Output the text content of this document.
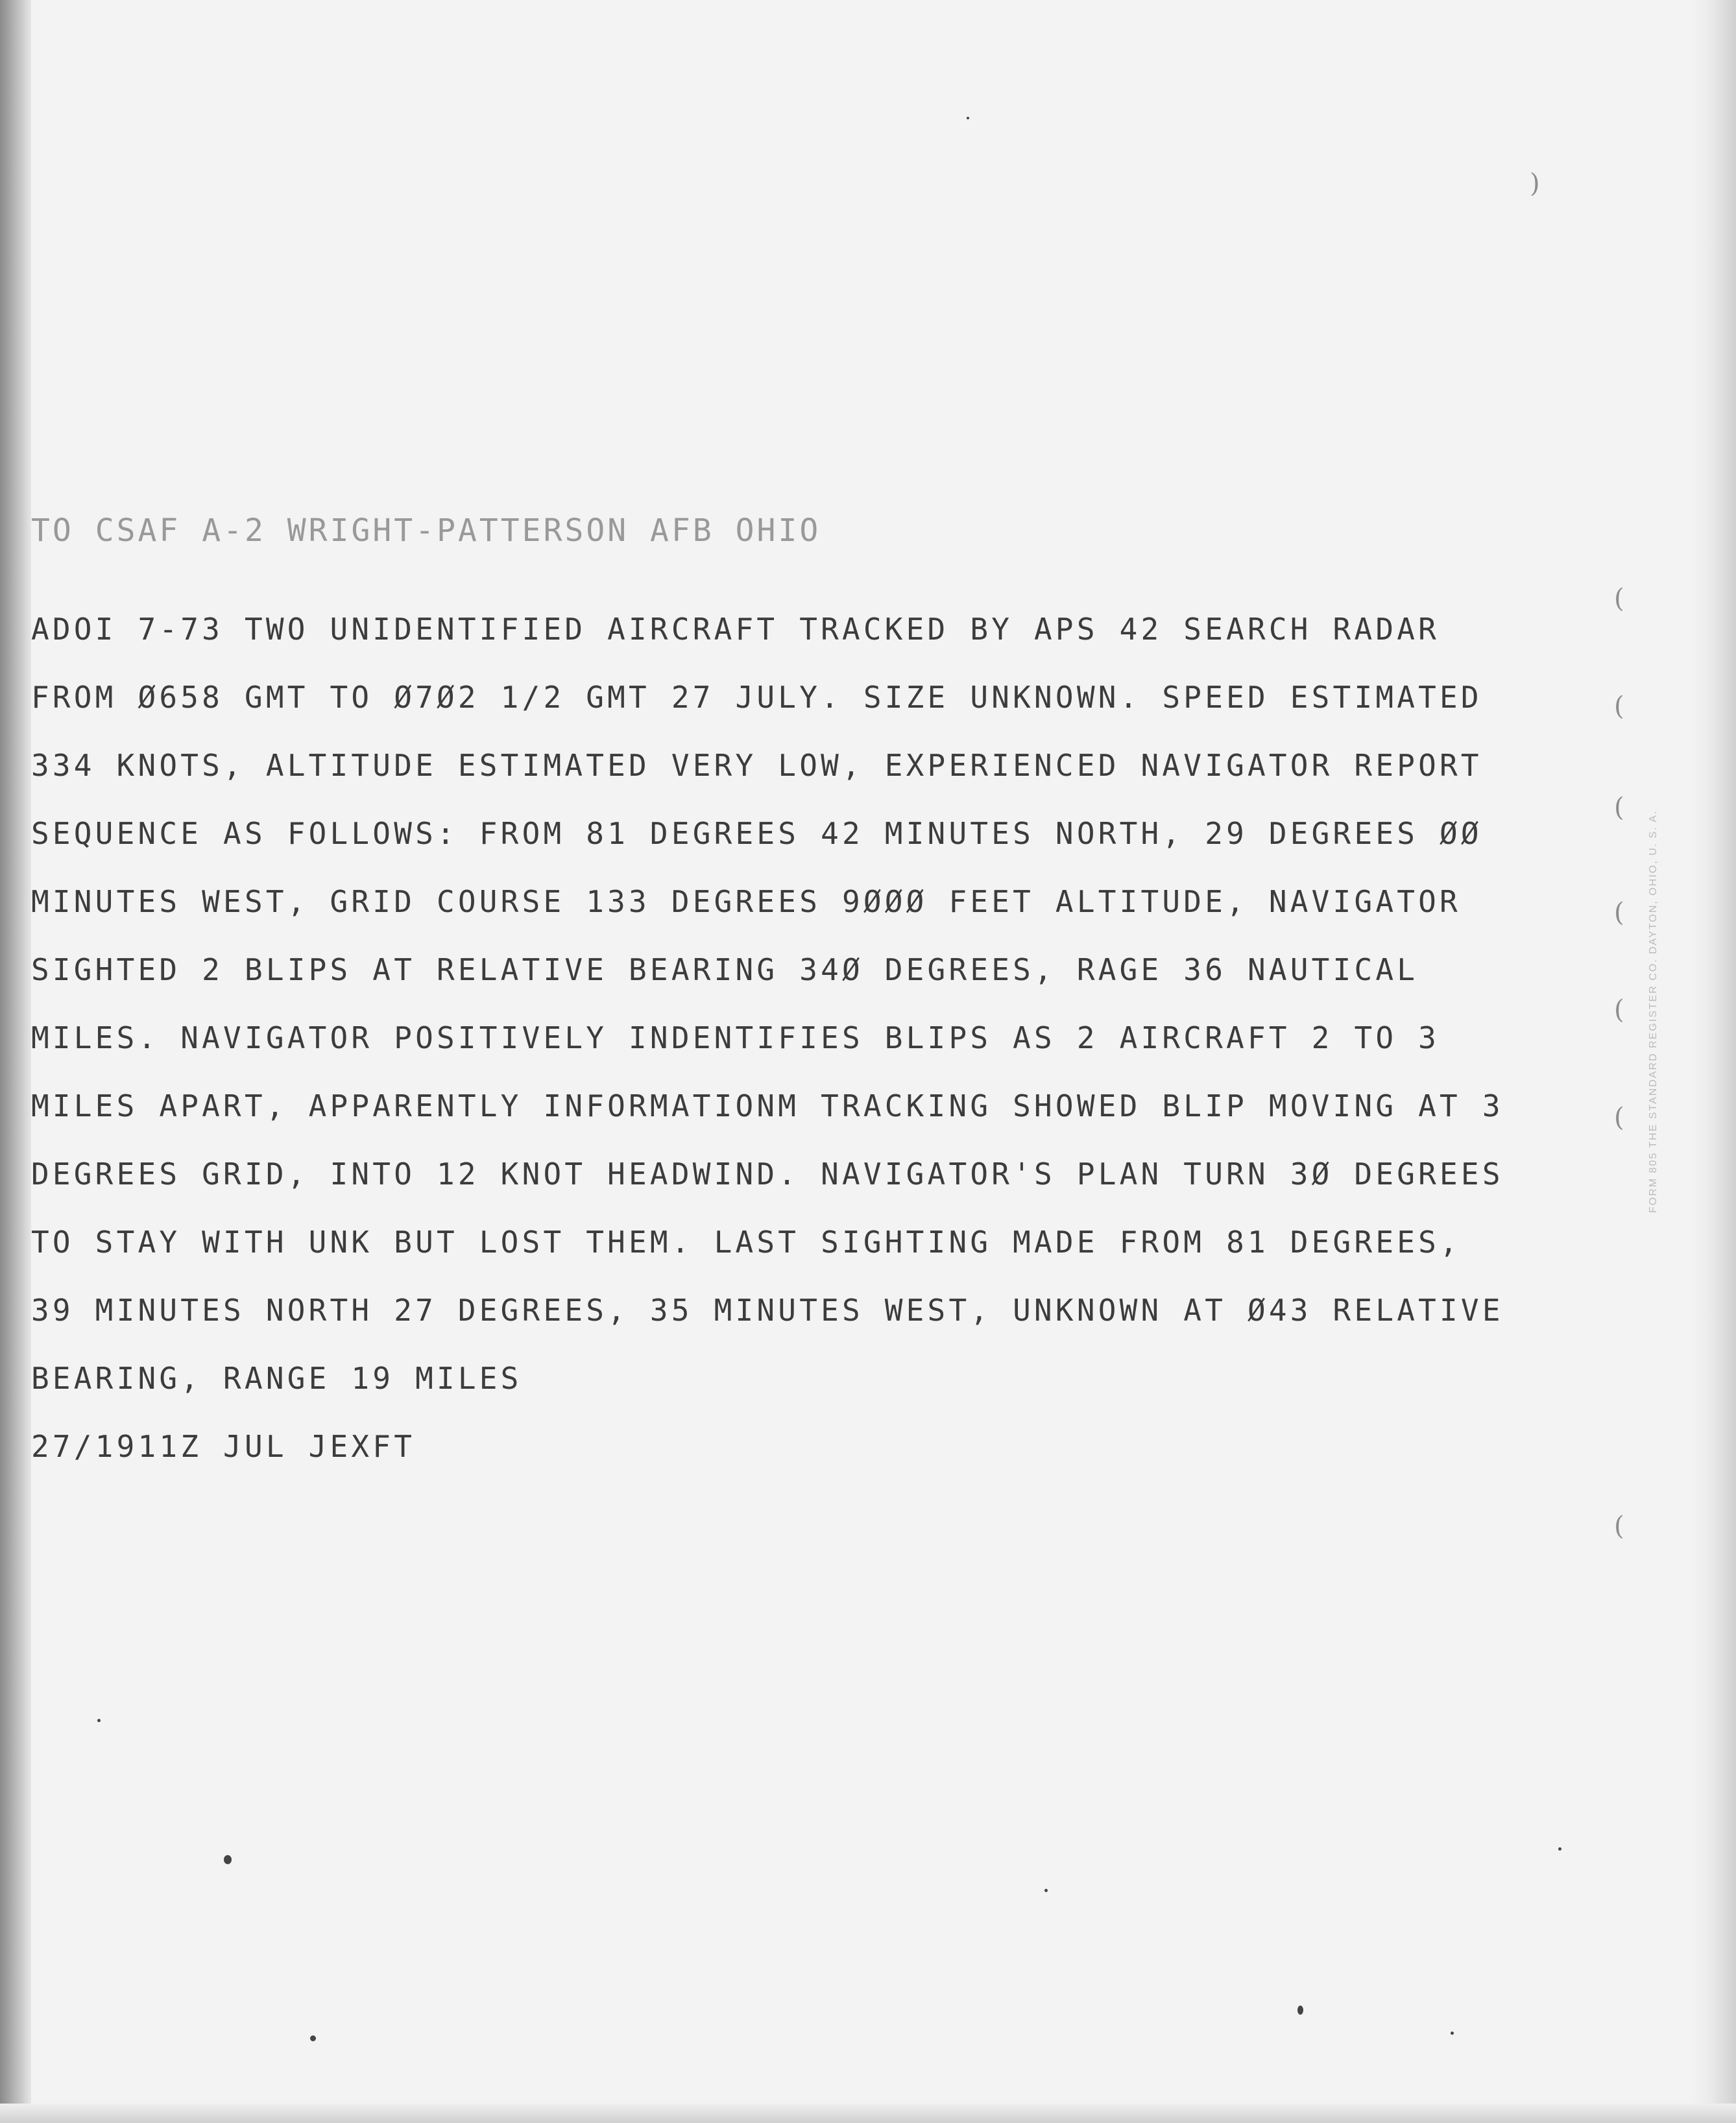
TO CSAF A-2 WRIGHT-PATTERSON AFB OHIO
ADOI 7-73 TWO UNIDENTIFIED AIRCRAFT TRACKED BY APS 42 SEARCH RADAR
FROM Ø658 GMT TO Ø7Ø2 1/2 GMT 27 JULY. SIZE UNKNOWN. SPEED ESTIMATED
334 KNOTS, ALTITUDE ESTIMATED VERY LOW, EXPERIENCED NAVIGATOR REPORT
SEQUENCE AS FOLLOWS: FROM 81 DEGREES 42 MINUTES NORTH, 29 DEGREES ØØ
MINUTES WEST, GRID COURSE 133 DEGREES 9ØØØ FEET ALTITUDE, NAVIGATOR
SIGHTED 2 BLIPS AT RELATIVE BEARING 34Ø DEGREES, RAGE 36 NAUTICAL
MILES. NAVIGATOR POSITIVELY INDENTIFIES BLIPS AS 2 AIRCRAFT 2 TO 3
MILES APART, APPARENTLY INFORMATIONM TRACKING SHOWED BLIP MOVING AT 3
DEGREES GRID, INTO 12 KNOT HEADWIND. NAVIGATOR'S PLAN TURN 3Ø DEGREES
TO STAY WITH UNK BUT LOST THEM. LAST SIGHTING MADE FROM 81 DEGREES,
39 MINUTES NORTH 27 DEGREES, 35 MINUTES WEST, UNKNOWN AT Ø43 RELATIVE
BEARING, RANGE 19 MILES
27/1911Z JUL JEXFT
(
(
(
(
(
(
(
)
FORM 805 THE STANDARD REGISTER CO. DAYTON, OHIO, U. S. A.
